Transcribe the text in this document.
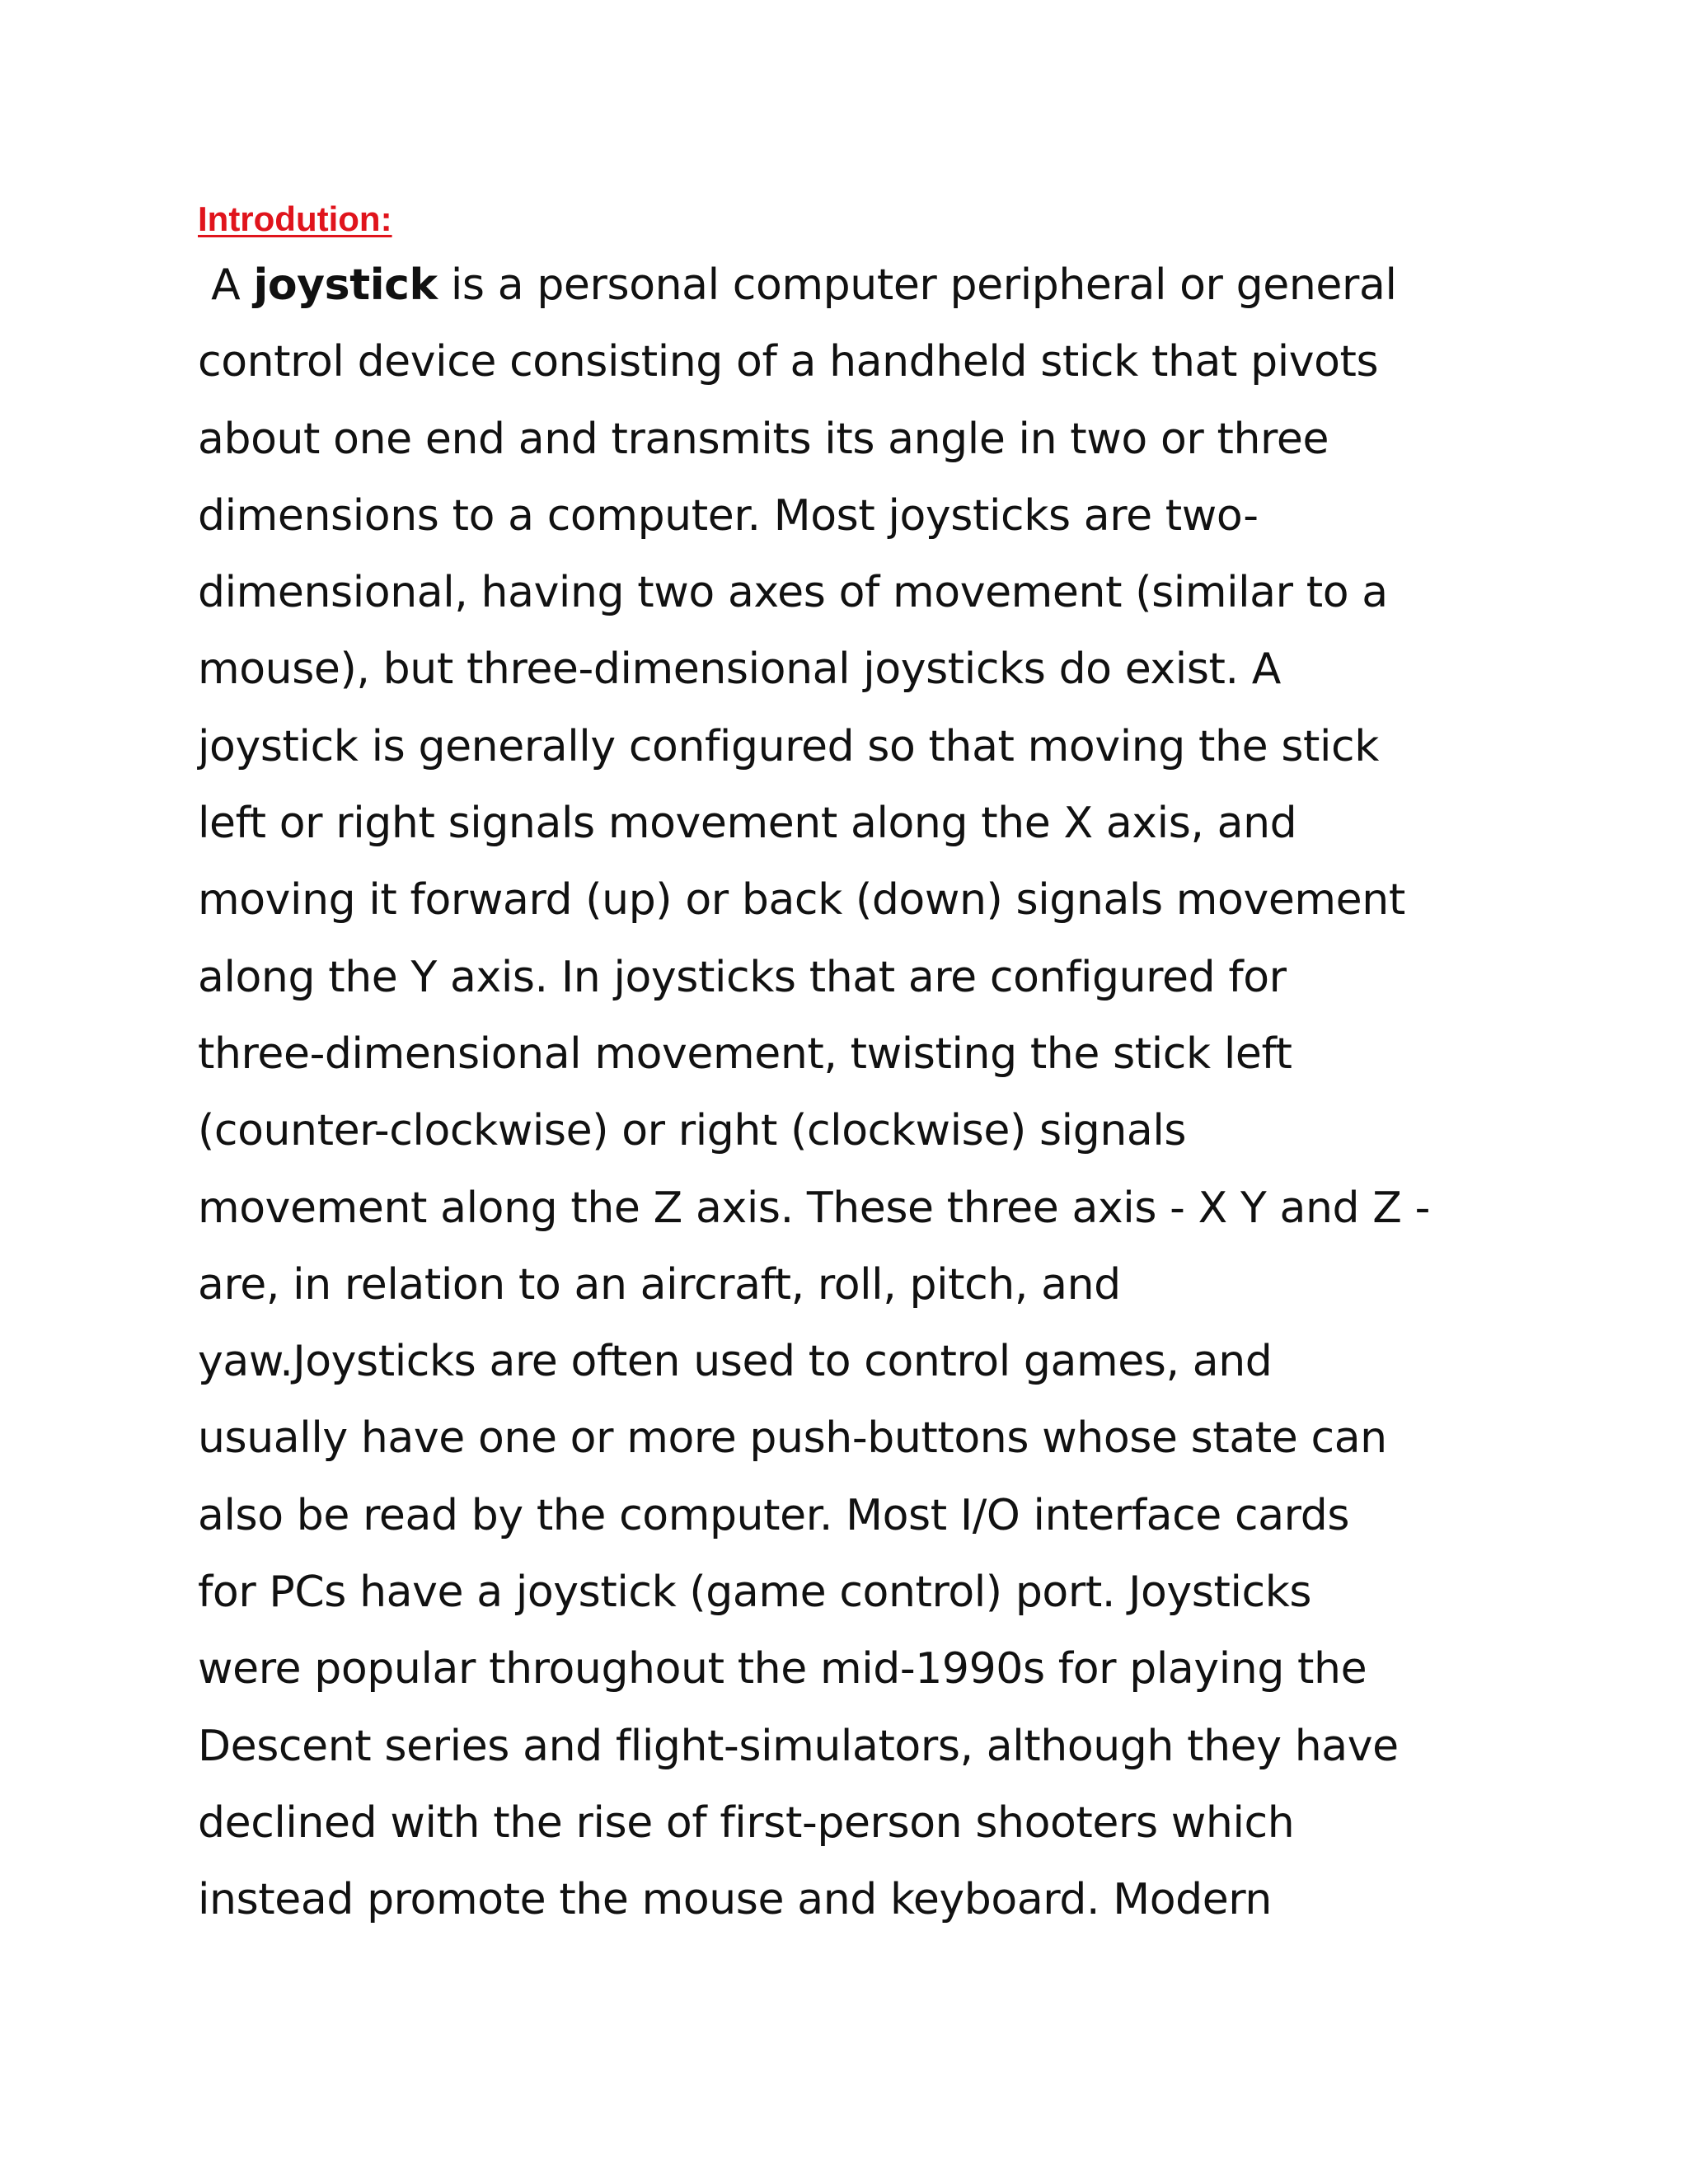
Introdution:
A joystick is a personal computer peripheral or general
control device consisting of a handheld stick that pivots
about one end and transmits its angle in two or three
dimensions to a computer. Most joysticks are two-
dimensional, having two axes of movement (similar to a
mouse), but three-dimensional joysticks do exist. A
joystick is generally configured so that moving the stick
left or right signals movement along the X axis, and
moving it forward (up) or back (down) signals movement
along the Y axis. In joysticks that are configured for
three-dimensional movement, twisting the stick left
(counter-clockwise) or right (clockwise) signals
movement along the Z axis. These three axis - X Y and Z -
are, in relation to an aircraft, roll, pitch, and
yaw.Joysticks are often used to control games, and
usually have one or more push-buttons whose state can
also be read by the computer. Most I/O interface cards
for PCs have a joystick (game control) port. Joysticks
were popular throughout the mid-1990s for playing the
Descent series and flight-simulators, although they have
declined with the rise of first-person shooters which
instead promote the mouse and keyboard. Modern
